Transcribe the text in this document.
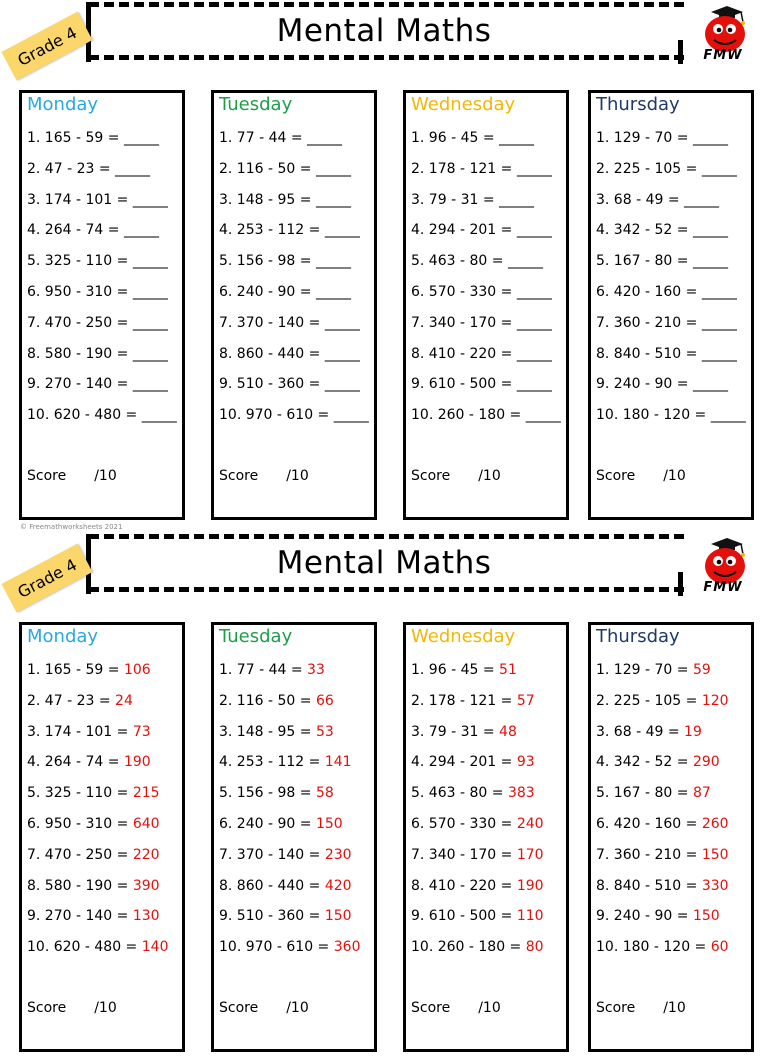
Mental Maths
Grade 4	FMW
© Freemathworksheets 2021
Monday
1. 165 - 59 = _____
2. 47 - 23 = _____
3. 174 - 101 = _____
4. 264 - 74 = _____
5. 325 - 110 = _____
6. 950 - 310 = _____
7. 470 - 250 = _____
8. 580 - 190 = _____
9. 270 - 140 = _____
10. 620 - 480 = _____
Score /10
Tuesday
1. 77 - 44 = _____
2. 116 - 50 = _____
3. 148 - 95 = _____
4. 253 - 112 = _____
5. 156 - 98 = _____
6. 240 - 90 = _____
7. 370 - 140 = _____
8. 860 - 440 = _____
9. 510 - 360 = _____
10. 970 - 610 = _____
Score /10
Wednesday
1. 96 - 45 = _____
2. 178 - 121 = _____
3. 79 - 31 = _____
4. 294 - 201 = _____
5. 463 - 80 = _____
6. 570 - 330 = _____
7. 340 - 170 = _____
8. 410 - 220 = _____
9. 610 - 500 = _____
10. 260 - 180 = _____
Score /10
Thursday
1. 129 - 70 = _____
2. 225 - 105 = _____
3. 68 - 49 = _____
4. 342 - 52 = _____
5. 167 - 80 = _____
6. 420 - 160 = _____
7. 360 - 210 = _____
8. 840 - 510 = _____
9. 240 - 90 = _____
10. 180 - 120 = _____
Score /10
Mental Maths
Grade 4	FMW
Monday
1. 165 - 59 = 106
2. 47 - 23 = 24
3. 174 - 101 = 73
4. 264 - 74 = 190
5. 325 - 110 = 215
6. 950 - 310 = 640
7. 470 - 250 = 220
8. 580 - 190 = 390
9. 270 - 140 = 130
10. 620 - 480 = 140
Score /10
Tuesday
1. 77 - 44 = 33
2. 116 - 50 = 66
3. 148 - 95 = 53
4. 253 - 112 = 141
5. 156 - 98 = 58
6. 240 - 90 = 150
7. 370 - 140 = 230
8. 860 - 440 = 420
9. 510 - 360 = 150
10. 970 - 610 = 360
Score /10
Wednesday
1. 96 - 45 = 51
2. 178 - 121 = 57
3. 79 - 31 = 48
4. 294 - 201 = 93
5. 463 - 80 = 383
6. 570 - 330 = 240
7. 340 - 170 = 170
8. 410 - 220 = 190
9. 610 - 500 = 110
10. 260 - 180 = 80
Score /10
Thursday
1. 129 - 70 = 59
2. 225 - 105 = 120
3. 68 - 49 = 19
4. 342 - 52 = 290
5. 167 - 80 = 87
6. 420 - 160 = 260
7. 360 - 210 = 150
8. 840 - 510 = 330
9. 240 - 90 = 150
10. 180 - 120 = 60
Score /10
